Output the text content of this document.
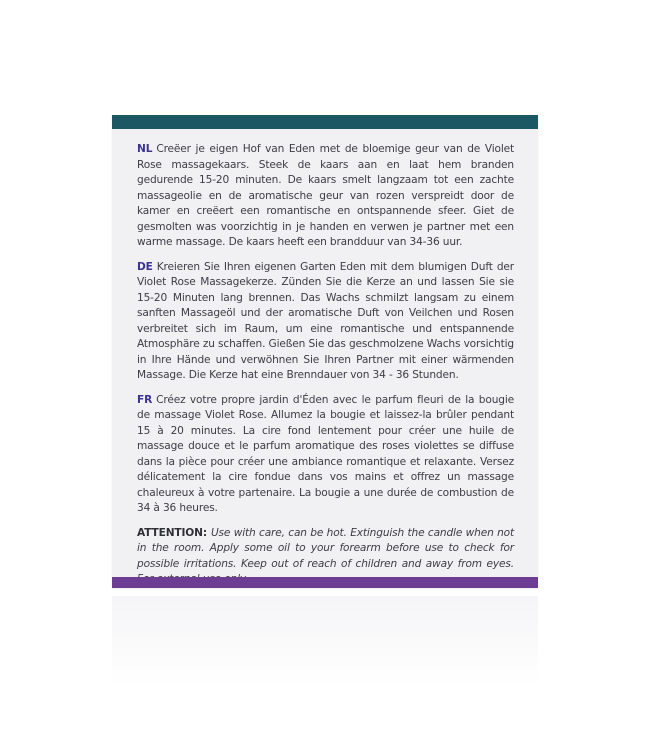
NL Creëer je eigen Hof van Eden met de bloemige geur van de Violet Rose massagekaars. Steek de kaars aan en laat hem branden gedurende 15-20 minuten. De kaars smelt langzaam tot een zachte massageolie en de aromatische geur van rozen verspreidt door de kamer en creëert een romantische en ontspannende sfeer. Giet de gesmolten was voorzichtig in je handen en verwen je partner met een warme massage. De kaars heeft een brandduur van 34-36 uur.

DE Kreieren Sie Ihren eigenen Garten Eden mit dem blumigen Duft der Violet Rose Massagekerze. Zünden Sie die Kerze an und lassen Sie sie 15-20 Minuten lang brennen. Das Wachs schmilzt langsam zu einem sanften Massageöl und der aromatische Duft von Veilchen und Rosen verbreitet sich im Raum, um eine romantische und entspannende Atmosphäre zu schaffen. Gießen Sie das geschmolzene Wachs vorsichtig in Ihre Hände und verwöhnen Sie Ihren Partner mit einer wärmenden Massage. Die Kerze hat eine Brenndauer von 34 - 36 Stunden.

FR Créez votre propre jardin d'Éden avec le parfum fleuri de la bougie de massage Violet Rose. Allumez la bougie et laissez-la brûler pendant 15 à 20 minutes. La cire fond lentement pour créer une huile de massage douce et le parfum aromatique des roses violettes se diffuse dans la pièce pour créer une ambiance romantique et relaxante. Versez délicatement la cire fondue dans vos mains et offrez un massage chaleureux à votre partenaire. La bougie a une durée de combustion de 34 à 36 heures.

ATTENTION: Use with care, can be hot. Extinguish the candle when not in the room. Apply some oil to your forearm before use to check for possible irritations. Keep out of reach of children and away from eyes.
